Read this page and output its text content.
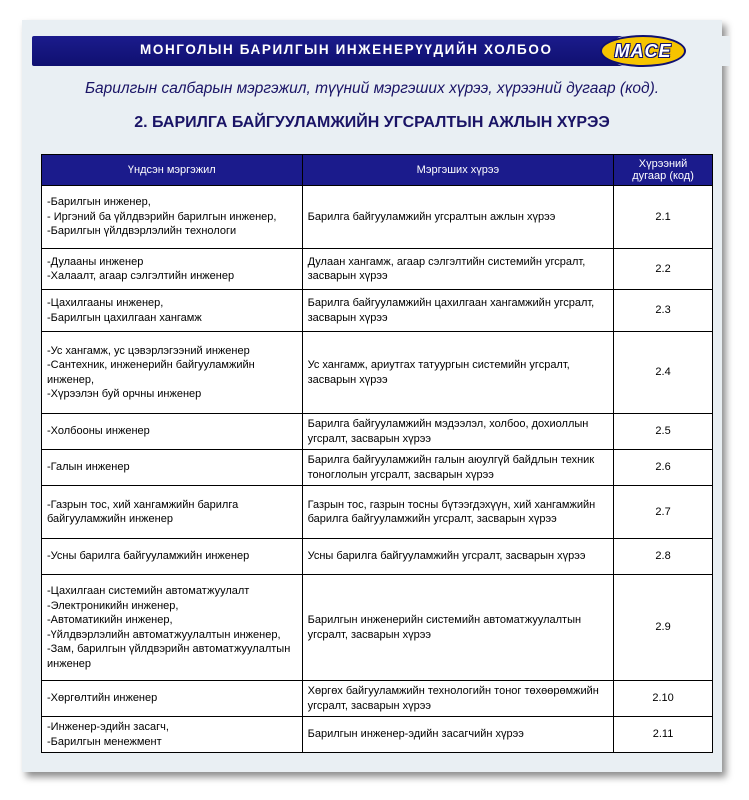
МОНГОЛЫН БАРИЛГЫН ИНЖЕНЕРҮҮДИЙН ХОЛБОО	MACE
Барилгын салбарын мэргэжил, түүний мэргэшиx хүрээ, хүрээний дугаар (код).
2. БАРИЛГА БАЙГУУЛАМЖИЙН УГСРАЛТЫН АЖЛЫН ХҮРЭЭ
Үндсэн мэргэжил	Мэргэших хүрээ	Хүрээний
дугаар (код)
-Барилгын инженер,
- Иргэний ба үйлдвэрийн барилгын инженер,
-Барилгын үйлдвэрлэлийн технологи	Барилга байгууламжийн угсралтын ажлын хүрээ	2.1
-Дулааны инженер
-Халаалт, агаар сэлгэлтийн инженер	Дулаан хангамж, агаар сэлгэлтийн системийн угсралт, засварын хүрээ	2.2
-Цахилгааны инженер,
-Барилгын цахилгаан хангамж	Барилга байгууламжийн цахилгаан хангамжийн угсралт, засварын хүрээ	2.3
-Ус хангамж, ус цэвэрлэгээний инженер
-Сантехник, инженерийн байгууламжийн инженер,
-Хүрээлэн буй орчны инженер	Ус хангамж, ариутгах татуургын системийн угсралт, засварын хүрээ	2.4
-Холбооны инженер	Барилга байгууламжийн мэдээлэл, холбоо, дохиоллын угсралт, засварын хүрээ	2.5
-Галын инженер	Барилга байгууламжийн галын аюулгүй байдлын техник тоноглолын угсралт, засварын хүрээ	2.6
-Газрын тос, хий хангамжийн барилга байгууламжийн инженер	Газрын тос, газрын тосны бүтээгдэхүүн, хий хангамжийн барилга байгууламжийн угсралт, засварын хүрээ	2.7
-Усны барилга байгууламжийн инженер	Усны барилга байгууламжийн угсралт, засварын хүрээ	2.8
-Цахилгаан системийн автоматжуулалт
-Электроникийн инженер,
-Автоматикийн инженер,
-Үйлдвэрлэлийн автоматжуулалтын инженер,
-Зам, барилгын үйлдвэрийн автоматжуулалтын инженер	Барилгын инженерийн системийн автоматжуулалтын угсралт, засварын хүрээ	2.9
-Хөргөлтийн инженер	Хөргөх байгууламжийн технологийн тоног төхөөрөмжийн угсралт, засварын хүрээ	2.10
-Инженер-эдийн засагч,
-Барилгын менежмент	Барилгын инженер-эдийн засагчийн хүрээ	2.11
